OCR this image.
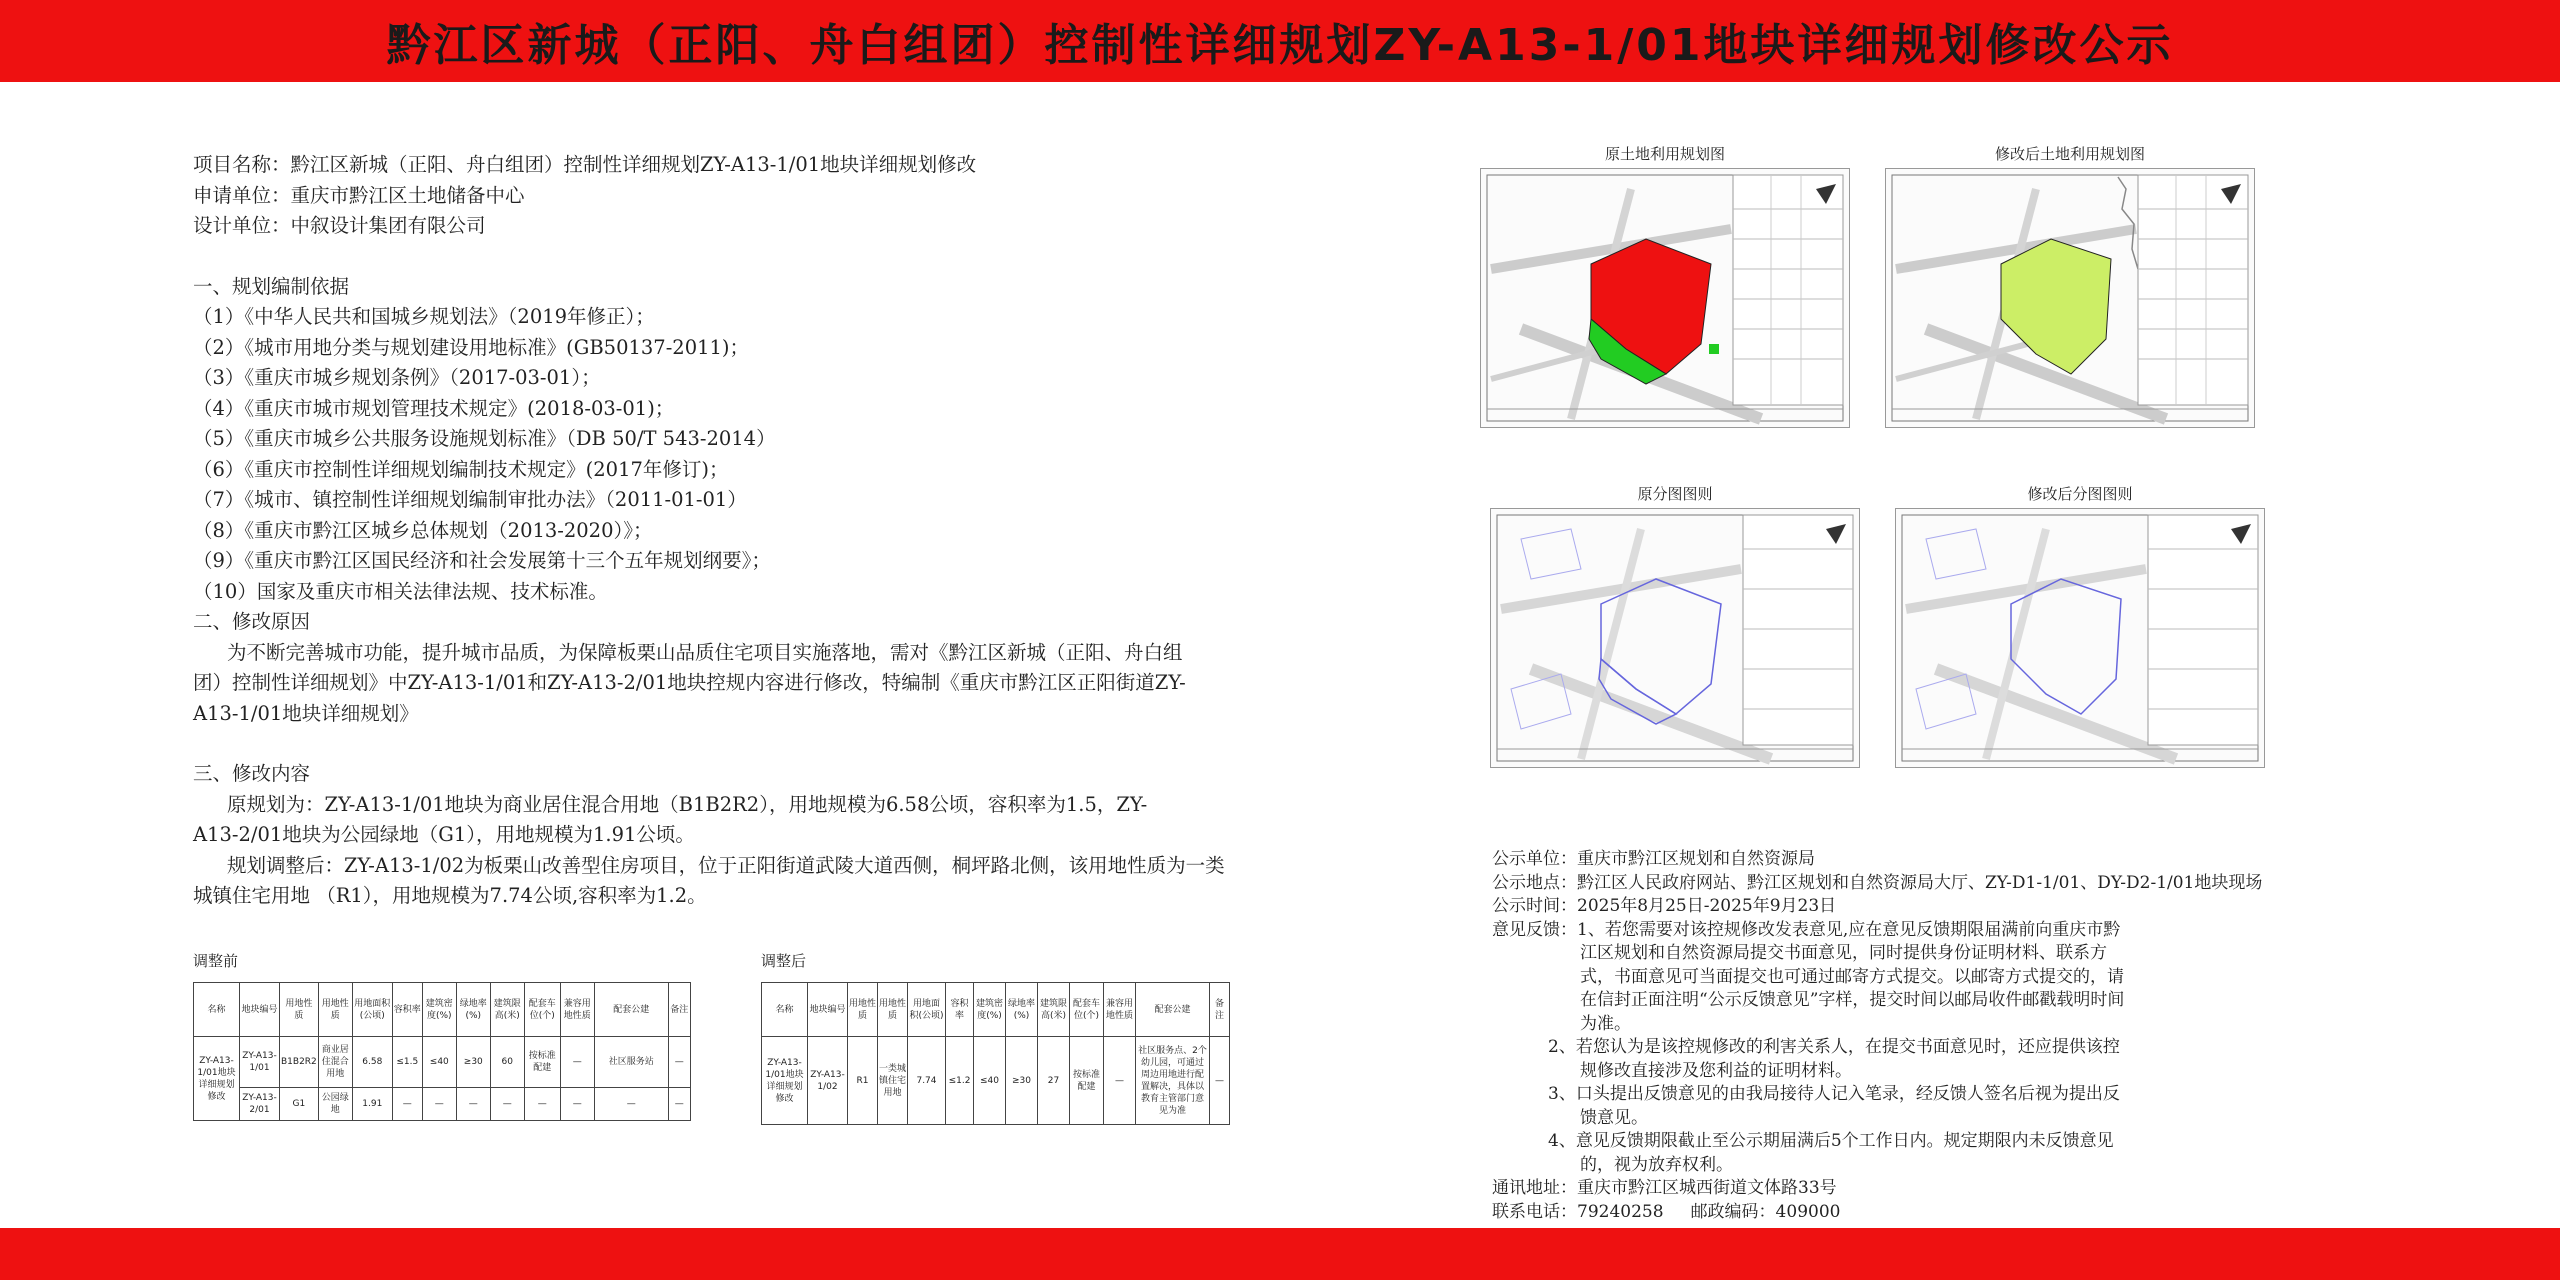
黔江区新城（正阳、舟白组团）控制性详细规划ZY-A13-1/01地块详细规划修改公示

项目名称：黔江区新城（正阳、舟白组团）控制性详细规划ZY-A13-1/01地块详细规划修改

申请单位：重庆市黔江区土地储备中心

设计单位：中叙设计集团有限公司

一、规划编制依据

（1）《中华人民共和国城乡规划法》（2019年修正）；

（2）《城市用地分类与规划建设用地标准》(GB50137-2011)；

（3）《重庆市城乡规划条例》（2017-03-01）；

（4）《重庆市城市规划管理技术规定》(2018-03-01)；

（5）《重庆市城乡公共服务设施规划标准》（DB 50/T 543-2014）

（6）《重庆市控制性详细规划编制技术规定》(2017年修订)；

（7）《城市、镇控制性详细规划编制审批办法》（2011-01-01）

（8）《重庆市黔江区城乡总体规划（2013-2020）》；

（9）《重庆市黔江区国民经济和社会发展第十三个五年规划纲要》；

（10）国家及重庆市相关法律法规、技术标准。

二、修改原因

为不断完善城市功能，提升城市品质，为保障板栗山品质住宅项目实施落地，需对《黔江区新城（正阳、舟白组团）控制性详细规划》中ZY-A13-1/01和ZY-A13-2/01地块控规内容进行修改，特编制《重庆市黔江区正阳街道ZY-A13-1/01地块详细规划》

三、修改内容

原规划为：ZY-A13-1/01地块为商业居住混合用地（B1B2R2），用地规模为6.58公顷，容积率为1.5，ZY-A13-2/01地块为公园绿地（G1），用地规模为1.91公顷。

规划调整后：ZY-A13-1/02为板栗山改善型住房项目，位于正阳街道武陵大道西侧，桐坪路北侧，该用地性质为一类城镇住宅用地 （R1），用地规模为7.74公顷,容积率为1.2。

调整前
名称	地块编号	用地性质	用地性质	用地面积(公顷)	容积率	建筑密度(%)	绿地率(%)	建筑限高(米)	配套车位(个)	兼容用地性质	配套公建	备注
ZY-A13-1/01地块详细规划修改	ZY-A13-1/01	B1B2R2	商业居住混合用地	6.58	≤1.5	≤40	≥30	60	按标准配建	—	社区服务站	—
	ZY-A13-2/01	G1	公园绿地	1.91	—	—	—	—	—	—	—	—
调整后
名称	地块编号	用地性质	用地性质	用地面积(公顷)	容积率	建筑密度(%)	绿地率(%)	建筑限高(米)	配套车位(个)	兼容用地性质	配套公建	备注
ZY-A13-1/01地块详细规划修改	ZY-A13-1/02	R1	一类城镇住宅用地	7.74	≤1.2	≤40	≥30	27	按标准配建	—	社区服务点、2个幼儿园，可通过周边用地进行配置解决，具体以教育主管部门意见为准	—
原土地利用规划图	修改后土地利用规划图
原分图图则	修改后分图图则

公示单位：重庆市黔江区规划和自然资源局

公示地点：黔江区人民政府网站、黔江区规划和自然资源局大厅、ZY-D1-1/01、DY-D2-1/01地块现场

公示时间：2025年8月25日-2025年9月23日

意见反馈：1、若您需要对该控规修改发表意见,应在意见反馈期限届满前向重庆市黔江区规划和自然资源局提交书面意见，同时提供身份证明材料、联系方式，书面意见可当面提交也可通过邮寄方式提交。以邮寄方式提交的，请在信封正面注明“公示反馈意见”字样，提交时间以邮局收件邮戳载明时间为准。

2、若您认为是该控规修改的利害关系人，在提交书面意见时，还应提供该控规修改直接涉及您利益的证明材料。

3、口头提出反馈意见的由我局接待人记入笔录，经反馈人签名后视为提出反馈意见。

4、意见反馈期限截止至公示期届满后5个工作日内。规定期限内未反馈意见的，视为放弃权利。

通讯地址：重庆市黔江区城西街道文体路33号

联系电话：79240258 邮政编码：409000
